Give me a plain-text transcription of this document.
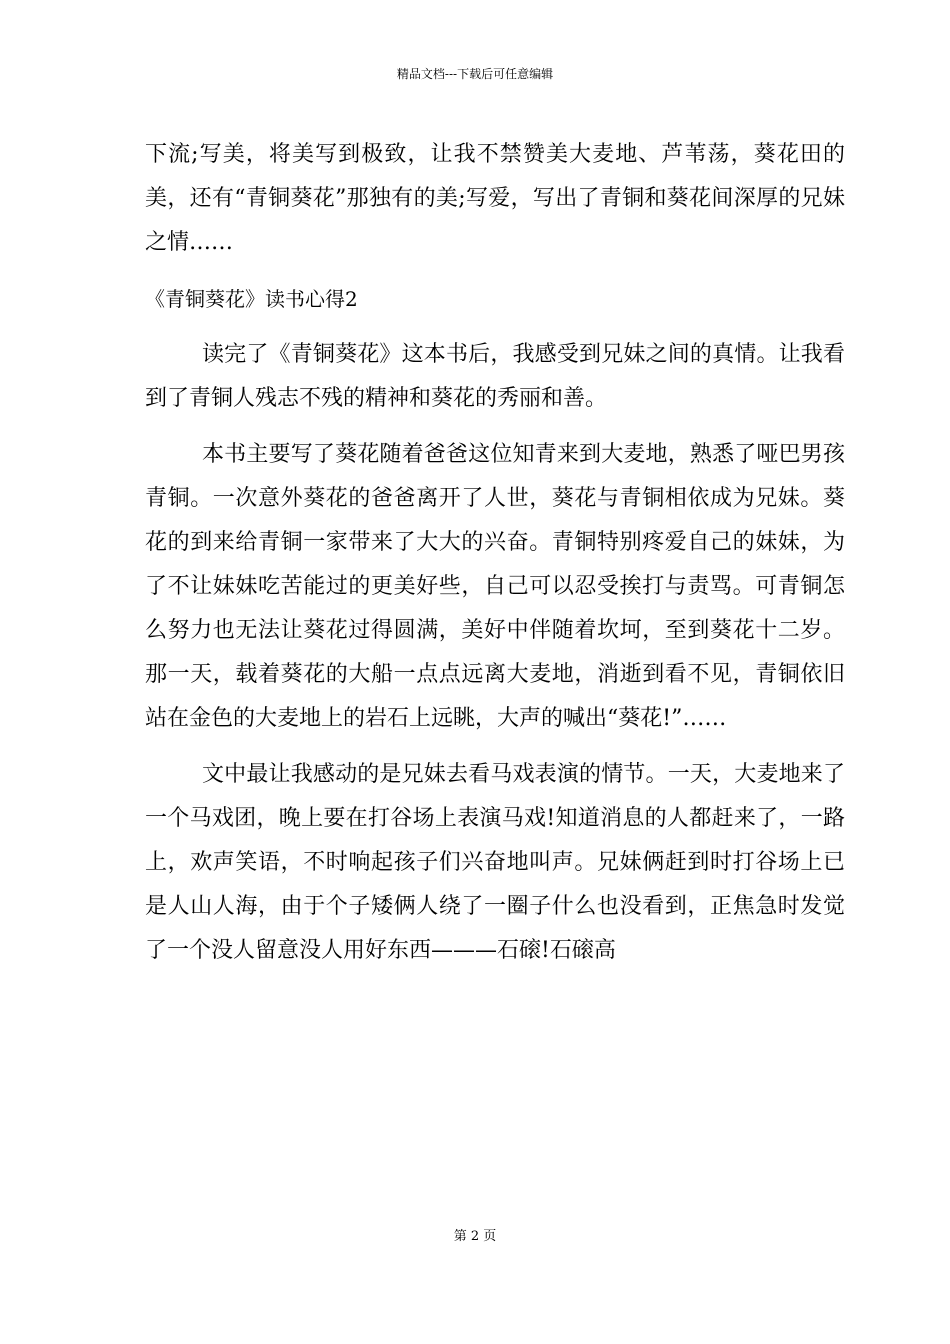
精品文档---下载后可任意编辑

下流;写美，将美写到极致，让我不禁赞美大麦地、芦苇荡，葵花田的美，还有“青铜葵花”那独有的美;写爱，写出了青铜和葵花间深厚的兄妹之情……

《青铜葵花》读书心得2

读完了《青铜葵花》这本书后，我感受到兄妹之间的真情。让我看到了青铜人残志不残的精神和葵花的秀丽和善。

本书主要写了葵花随着爸爸这位知青来到大麦地，熟悉了哑巴男孩青铜。一次意外葵花的爸爸离开了人世，葵花与青铜相依成为兄妹。葵花的到来给青铜一家带来了大大的兴奋。青铜特别疼爱自己的妹妹，为了不让妹妹吃苦能过的更美好些，自己可以忍受挨打与责骂。可青铜怎么努力也无法让葵花过得圆满，美好中伴随着坎坷，至到葵花十二岁。那一天，载着葵花的大船一点点远离大麦地，消逝到看不见，青铜依旧站在金色的大麦地上的岩石上远眺，大声的喊出“葵花!”……

文中最让我感动的是兄妹去看马戏表演的情节。一天，大麦地来了一个马戏团，晚上要在打谷场上表演马戏!知道消息的人都赶来了，一路上，欢声笑语，不时响起孩子们兴奋地叫声。兄妹俩赶到时打谷场上已是人山人海，由于个子矮俩人绕了一圈子什么也没看到，正焦急时发觉了一个没人留意没人用好东西———石磙!石磙高

第 2 页
